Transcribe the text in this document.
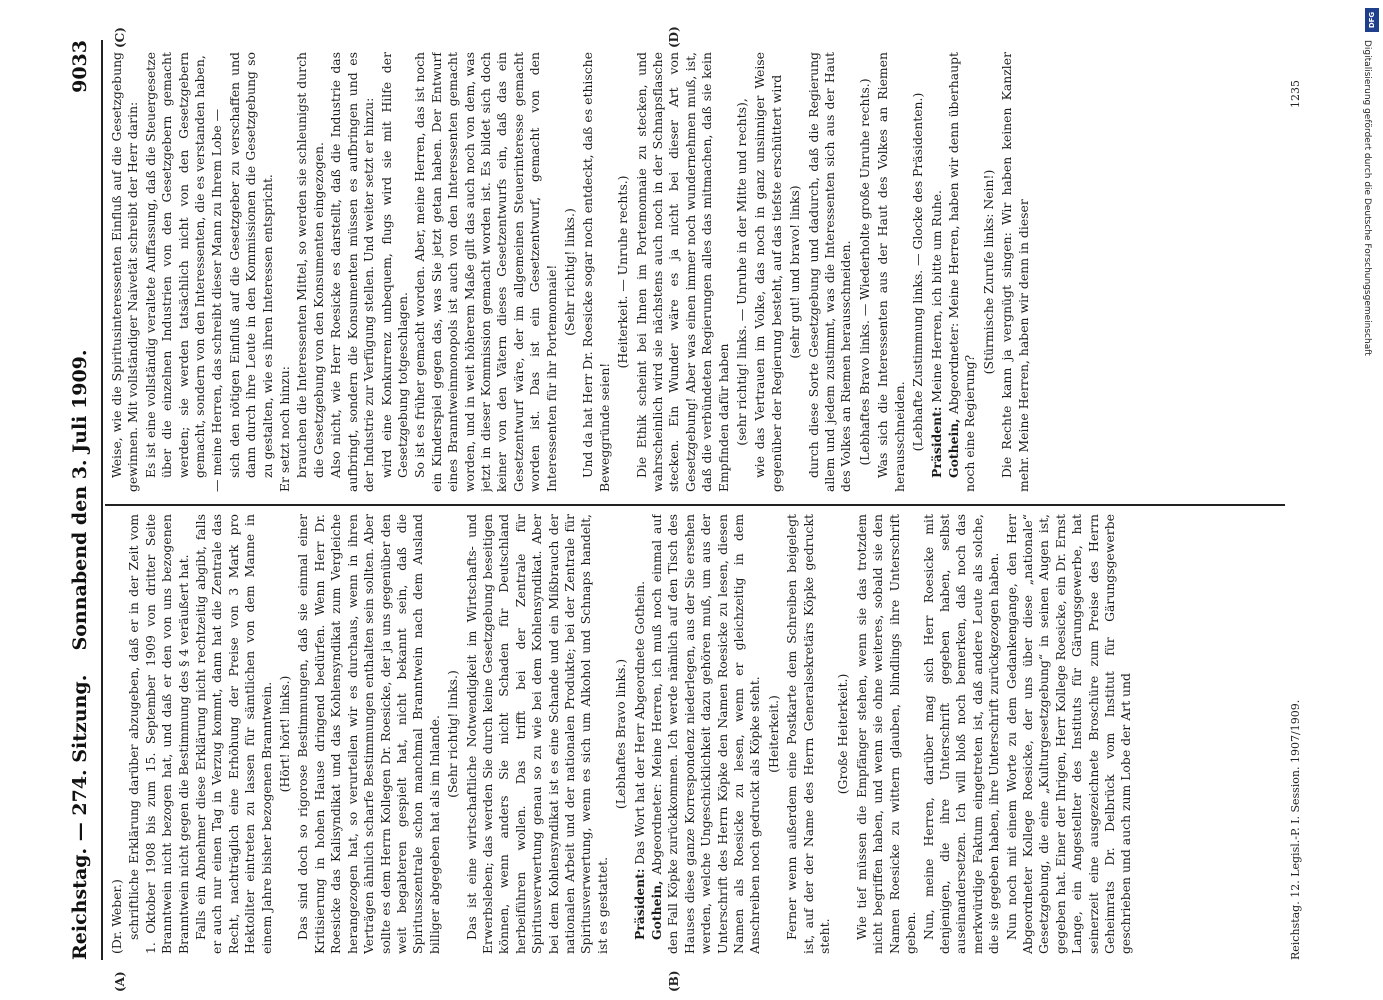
Reichstag. — 274. Sitzung.
Sonnabend den 3. Juli 1909.
9033
(A)	(B)
(C)	(D)

(Dr. Weber.) schriftliche Erklärung darüber abzugeben, daß er in der Zeit vom 1. Oktober 1908 bis zum 15. September 1909 von dritter Seite Branntwein nicht bezogen hat, und daß er den von uns bezogenen Branntwein nicht gegen die Bestimmung des § 4 veräußert hat. Falls ein Abnehmer diese Erklärung nicht rechtzeitig abgibt, falls er auch nur einen Tag in Verzug kommt, dann hat die Zentrale das Recht, nachträglich eine Erhöhung der Preise von 3 Mark pro Hektoliter eintreten zu lassen für sämtlichen von dem Manne in einem Jahre bisher bezogenen Branntwein. (Hört! hört! links.) Das sind doch so rigorose Bestimmungen, daß sie einmal einer Kritisierung in hohen Hause dringend bedürfen. Wenn Herr Dr. Roesicke das Kalisyndikat und das Kohlensyndikat zum Vergleiche herangezogen hat, so verurteilen wir es durchaus, wenn in ihren Verträgen ähnlich scharfe Bestimmungen enthalten sein sollten. Aber sollte es dem Herrn Kollegen Dr. Roesicke, der ja uns gegenüber den weit begabteren gespielt hat, nicht bekannt sein, daß die Spiritusszentrale schon manchmal Branntwein nach dem Ausland billiger abgegeben hat als im Inlande. (Sehr richtig! links.) Das ist eine wirtschaftliche Notwendigkeit im Wirtschafts- und Erwerbsleben; das werden Sie durch keine Gesetzgebung beseitigen können, wenn anders Sie nicht Schaden für Deutschland herbeiführen wollen. Das trifft bei der Zentrale für Spiritusverwertung genau so zu wie bei dem Kohlensyndikat. Aber bei dem Kohlensyndikat ist es eine Schande und ein Mißbrauch der nationalen Arbeit und der nationalen Produkte; bei der Zentrale für Spiritusverwertung, wenn es sich um Alkohol und Schnaps handelt, ist es gestattet.

(Lebhaftes Bravo links.)

Präsident: Das Wort hat der Herr Abgeordnete Gothein.

Gothein, Abgeordneter: Meine Herren, ich muß noch einmal auf den Fall Köpke zurückkommen. Ich werde nämlich auf den Tisch des Hauses diese ganze Korrespondenz niederlegen, aus der Sie ersehen werden, welche Ungeschicklichkeit dazu gehören muß, um aus der Unterschrift des Herrn Köpke den Namen Roesicke zu lesen, diesen Namen als Roesicke zu lesen, wenn er gleichzeitig in dem Anschreiben noch gedruckt als Köpke steht. (Heiterkeit.) Ferner wenn außerdem eine Postkarte dem Schreiben beigelegt ist, auf der der Name des Herrn Generalsekretärs Köpke gedruckt steht.

(Große Heiterkeit.) Wie tief müssen die Empfänger stehen, wenn sie das trotzdem nicht begriffen haben, und wenn sie ohne weiteres, sobald sie den Namen Roesicke zu wittern glauben, blindlings ihre Unterschrift geben. Nun, meine Herren, darüber mag sich Herr Roesicke mit denjenigen, die ihre Unterschrift gegeben haben, selbst auseinandersetzen. Ich will bloß noch bemerken, daß noch das merkwürdige Faktum eingetreten ist, daß andere Leute als solche, die sie gegeben haben, ihre Unterschrift zurückgezogen haben. Nun noch mit einem Worte zu dem Gedankengange, den Herr Abgeordneter Kollege Roesicke, der uns über diese „nationale“ Gesetzgebung, die eine „Kulturgesetzgebung“ in seinen Augen ist, gegeben hat. Einer der Ihrigen, Herr Kollege Roesicke, ein Dr. Ernst Lange, ein Angestellter des Instituts für Gärungsgewerbe, hat seinerzeit eine ausgezeichnete Broschüre zum Preise des Herrn Geheimrats Dr. Delbrück vom Institut für Gärungsgewerbe geschrieben und auch zum Lobe der Art und

Weise, wie die Spiritusinteressenten Einfluß auf die Gesetzgebung gewinnen. Mit vollständiger Naivetät schreibt der Herr darin: Es ist eine vollständig veraltete Auffassung, daß die Steuergesetze über die einzelnen Industrien von den Gesetzgebern gemacht werden; sie werden tatsächlich nicht von den Gesetzgebern gemacht, sondern von den Interessenten, die es verstanden haben, — meine Herren, das schreibt dieser Mann zu Ihrem Lobe — sich den nötigen Einfluß auf die Gesetzgeber zu verschaffen und dann durch ihre Leute in den Kommissionen die Gesetzgebung so zu gestalten, wie es ihren Interessen entspricht. Er setzt noch hinzu: brauchen die Interessenten Mittel, so werden sie schleunigst durch die Gesetzgebung von den Konsumenten eingezogen. Also nicht, wie Herr Roesicke es darstellt, daß die Industrie das aufbringt, sondern die Konsumenten müssen es aufbringen und es der Industrie zur Verfügung stellen. Und weiter setzt er hinzu: wird eine Konkurrenz unbequem, flugs wird sie mit Hilfe der Gesetzgebung totgeschlagen. So ist es früher gemacht worden. Aber, meine Herren, das ist noch ein Kinderspiel gegen das, was Sie jetzt getan haben. Der Entwurf eines Branntweinmonopols ist auch von den Interessenten gemacht worden, und in weit höherem Maße gilt das auch noch von dem, was jetzt in dieser Kommission gemacht worden ist. Es bildet sich doch keiner von den Vätern dieses Gesetzentwurfs ein, daß das ein Gesetzentwurf wäre, der im allgemeinen Steuerinteresse gemacht worden ist. Das ist ein Gesetzentwurf, gemacht von den Interessenten für ihr Portemonnaie! (Sehr richtig! links.) Und da hat Herr Dr. Roesicke sogar noch entdeckt, daß es ethische Beweggründe seien!

(Heiterkeit. — Unruhe rechts.) Die Ethik scheint bei Ihnen im Portemonnaie zu stecken, und wahrscheinlich wird sie nächstens auch noch in der Schnapsflasche stecken. Ein Wunder wäre es ja nicht bei dieser Art von Gesetzgebung! Aber was einen immer noch wundernehmen muß, ist, daß die verbündeten Regierungen alles das mitmachen, daß sie kein Empfinden dafür haben (sehr richtig! links. — Unruhe in der Mitte und rechts), wie das Vertrauen im Volke, das noch in ganz unsinniger Weise gegenüber der Regierung besteht, auf das tiefste erschüttert wird (sehr gut! und bravo! links) durch diese Sorte Gesetzgebung und dadurch, daß die Regierung allem und jedem zustimmt, was die Interessenten sich aus der Haut des Volkes an Riemen herausschneiden. (Lebhaftes Bravo links. — Wiederholte große Unruhe rechts.) Was sich die Interessenten aus der Haut des Volkes an Riemen herausschneiden. (Lebhafte Zustimmung links. — Glocke des Präsidenten.) Präsident: Meine Herren, ich bitte um Ruhe.

Gothein, Abgeordneter: Meine Herren, haben wir denn überhaupt noch eine Regierung?

(Stürmische Zurufe links: Nein!) Die Rechte kann ja vergnügt singen: Wir haben keinen Kanzler mehr. Meine Herren, haben wir denn in dieser

Reichstag. 12. Legisl.-P. I. Session. 1907/1909.
1235
DFG
Digitalisierung gefördert durch die Deutsche Forschungsgemeinschaft
